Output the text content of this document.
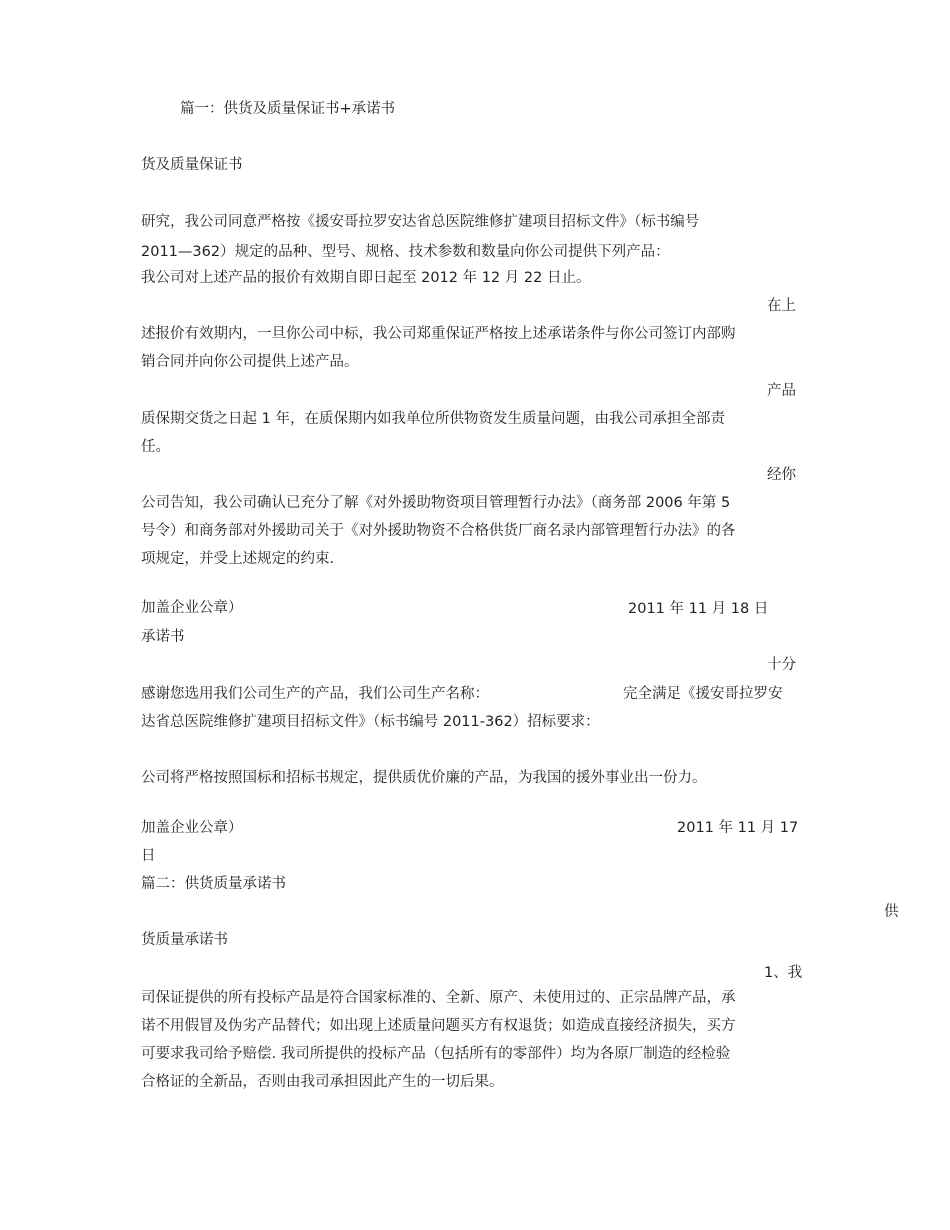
篇一：供货及质量保证书+承诺书
货及质量保证书
研究，我公司同意严格按《援安哥拉罗安达省总医院维修扩建项目招标文件》（标书编号
2011—362）规定的品种、型号、规格、技术参数和数量向你公司提供下列产品：
我公司对上述产品的报价有效期自即日起至 2012 年 12 月 22 日止。
在上
述报价有效期内，一旦你公司中标，我公司郑重保证严格按上述承诺条件与你公司签订内部购
销合同并向你公司提供上述产品。
产品
质保期交货之日起 1 年，在质保期内如我单位所供物资发生质量问题，由我公司承担全部责
任。
经你
公司告知，我公司确认已充分了解《对外援助物资项目管理暂行办法》（商务部 2006 年第 5
号令）和商务部对外援助司关于《对外援助物资不合格供货厂商名录内部管理暂行办法》的各
项规定，并受上述规定的约束.
加盖企业公章）	2011 年 11 月 18 日
承诺书
十分
感谢您选用我们公司生产的产品，我们公司生产名称：	完全满足《援安哥拉罗安
达省总医院维修扩建项目招标文件》（标书编号 2011-362）招标要求：
公司将严格按照国标和招标书规定，提供质优价廉的产品，为我国的援外事业出一份力。
加盖企业公章）	2011 年 11 月 17
日
篇二：供货质量承诺书
供
货质量承诺书
1、我
司保证提供的所有投标产品是符合国家标准的、全新、原产、未使用过的、正宗品牌产品，承
诺不用假冒及伪劣产品替代；如出现上述质量问题买方有权退货；如造成直接经济损失，买方
可要求我司给予赔偿. 我司所提供的投标产品（包括所有的零部件）均为各原厂制造的经检验
合格证的全新品，否则由我司承担因此产生的一切后果。
